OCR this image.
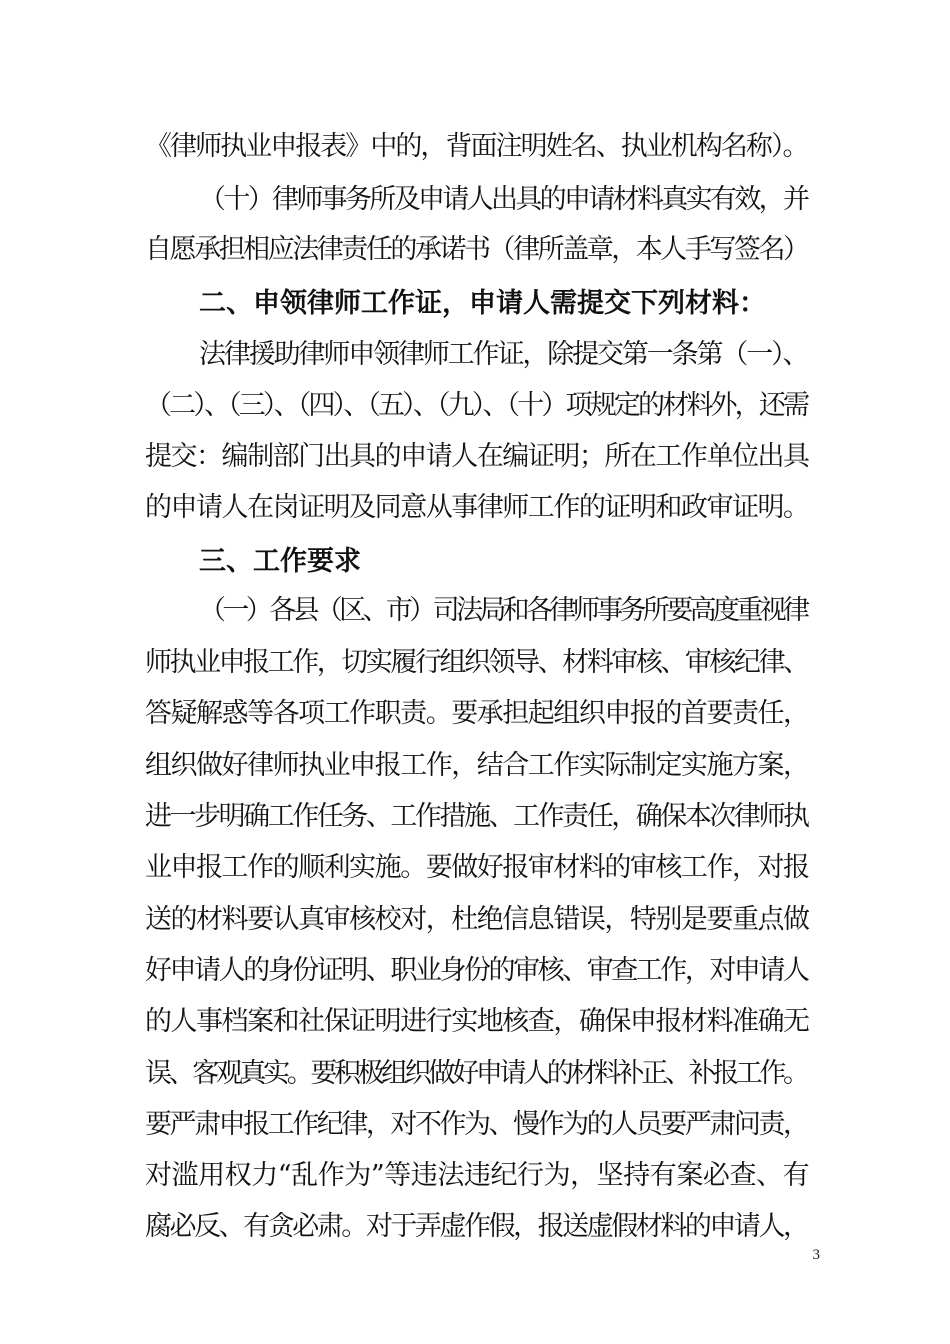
《律师执业申报表》中的，背面注明姓名、执业机构名称）。
（十）律师事务所及申请人出具的申请材料真实有效，并
自愿承担相应法律责任的承诺书（律所盖章，本人手写签名）
二、申领律师工作证，申请人需提交下列材料：
法律援助律师申领律师工作证，除提交第一条第（一）、
（二）、（三）、（四）、（五）、（九）、（十）项规定的材料外，还需
提交：编制部门出具的申请人在编证明；所在工作单位出具
的申请人在岗证明及同意从事律师工作的证明和政审证明。
三、工作要求
（一）各县（区、市）司法局和各律师事务所要高度重视律
师执业申报工作，切实履行组织领导、材料审核、审核纪律、
答疑解惑等各项工作职责。要承担起组织申报的首要责任，
组织做好律师执业申报工作，结合工作实际制定实施方案，
进一步明确工作任务、工作措施、工作责任，确保本次律师执
业申报工作的顺利实施。要做好报审材料的审核工作，对报
送的材料要认真审核校对，杜绝信息错误，特别是要重点做
好申请人的身份证明、职业身份的审核、审查工作，对申请人
的人事档案和社保证明进行实地核查，确保申报材料准确无
误、客观真实。要积极组织做好申请人的材料补正、补报工作。
要严肃申报工作纪律，对不作为、慢作为的人员要严肃问责，
对滥用权力“乱作为”等违法违纪行为，坚持有案必查、有
腐必反、有贪必肃。对于弄虚作假，报送虚假材料的申请人，
3
